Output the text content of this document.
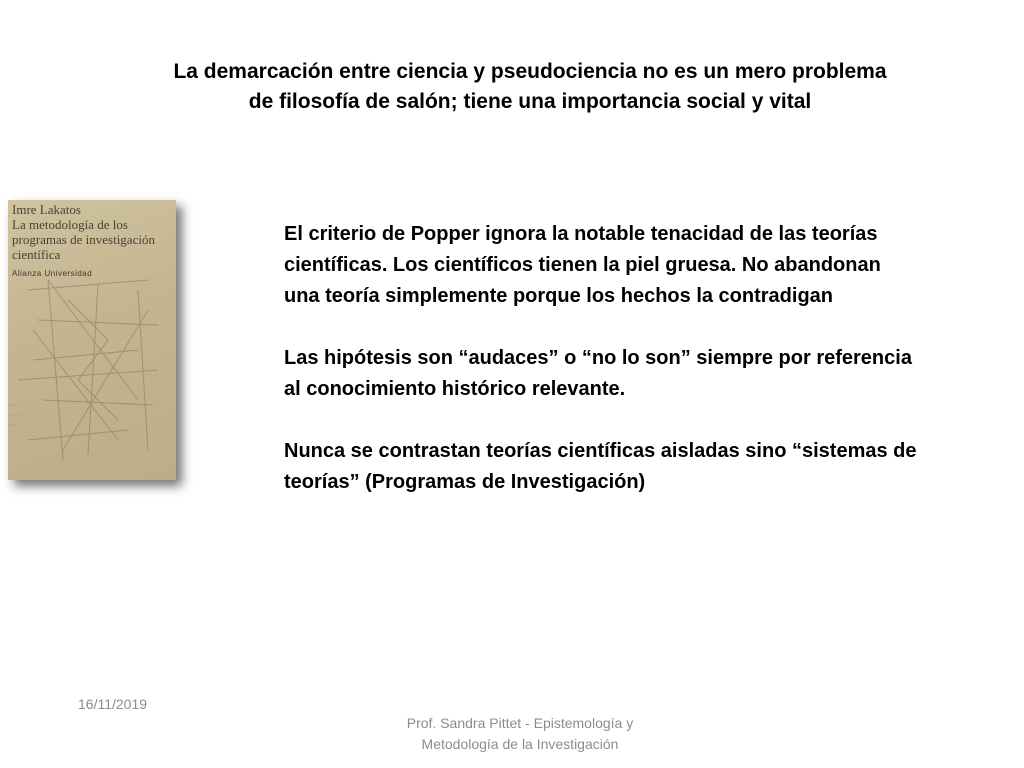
La demarcación entre ciencia y pseudociencia no es un mero problema
de filosofía de salón; tiene una importancia social y vital
Imre Lakatos
La metodología de los
programas de investigación
científica
Alianza Universidad

El criterio de Popper ignora la notable tenacidad de las teorías
científicas. Los científicos tienen la piel gruesa. No abandonan
una teoría simplemente porque los hechos la contradigan

Las hipótesis son “audaces” o “no lo son” siempre por referencia
al conocimiento histórico relevante.

Nunca se contrastan teorías científicas aisladas sino “sistemas de
teorías” (Programas de Investigación)

16/11/2019
Prof. Sandra Pittet - Epistemología y
Metodología de la Investigación
